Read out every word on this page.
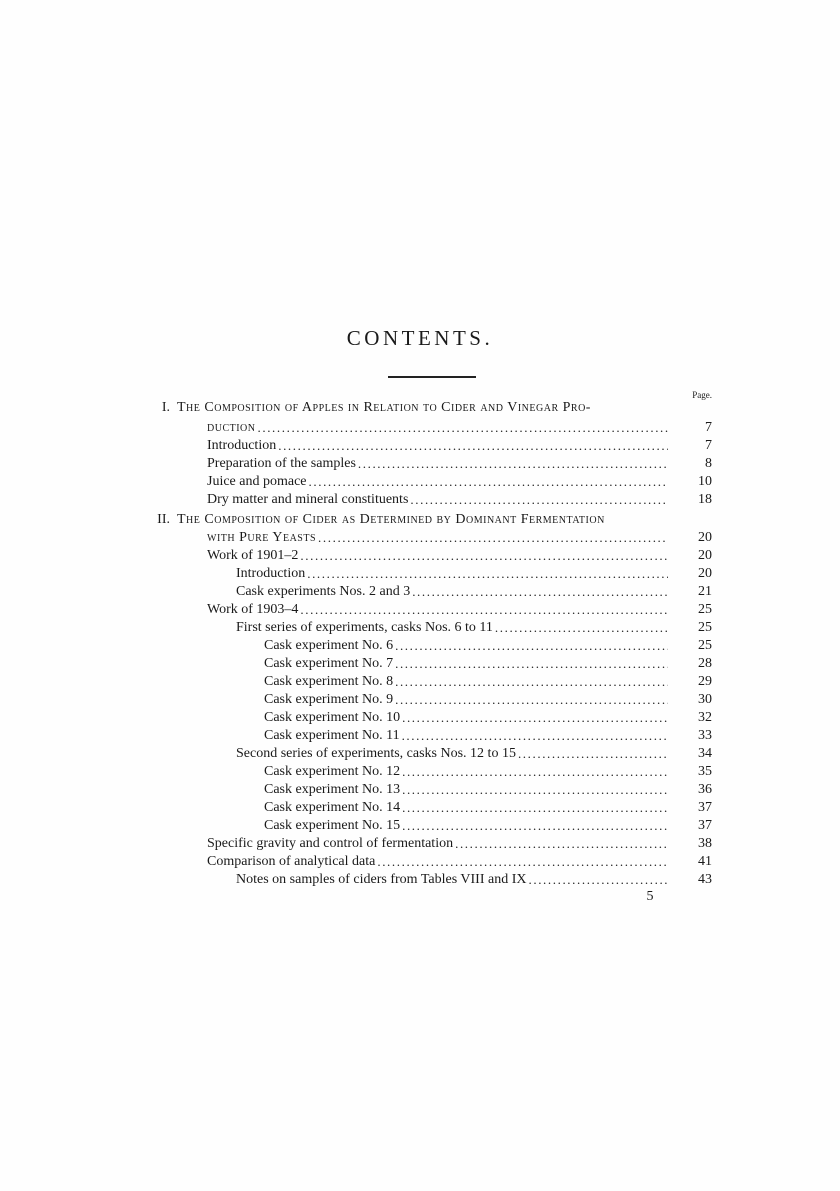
CONTENTS.
Page.
I. The Composition of Apples in Relation to Cider and Vinegar Pro-
duction .....	7
Introduction .....	7
Preparation of the samples .....	8
Juice and pomace .....	10
Dry matter and mineral constituents .....	18
II. The Composition of Cider as Determined by Dominant Fermentation
with Pure Yeasts .....	20
Work of 1901–2 .....	20
Introduction .....	20
Cask experiments Nos. 2 and 3 .....	21
Work of 1903–4 .....	25
First series of experiments, casks Nos. 6 to 11 .....	25
Cask experiment No. 6 .....	25
Cask experiment No. 7 .....	28
Cask experiment No. 8 .....	29
Cask experiment No. 9 .....	30
Cask experiment No. 10 .....	32
Cask experiment No. 11 .....	33
Second series of experiments, casks Nos. 12 to 15 .....	34
Cask experiment No. 12 .....	35
Cask experiment No. 13 .....	36
Cask experiment No. 14 .....	37
Cask experiment No. 15 .....	37
Specific gravity and control of fermentation .....	38
Comparison of analytical data .....	41
Notes on samples of ciders from Tables VIII and IX .....	43
5
